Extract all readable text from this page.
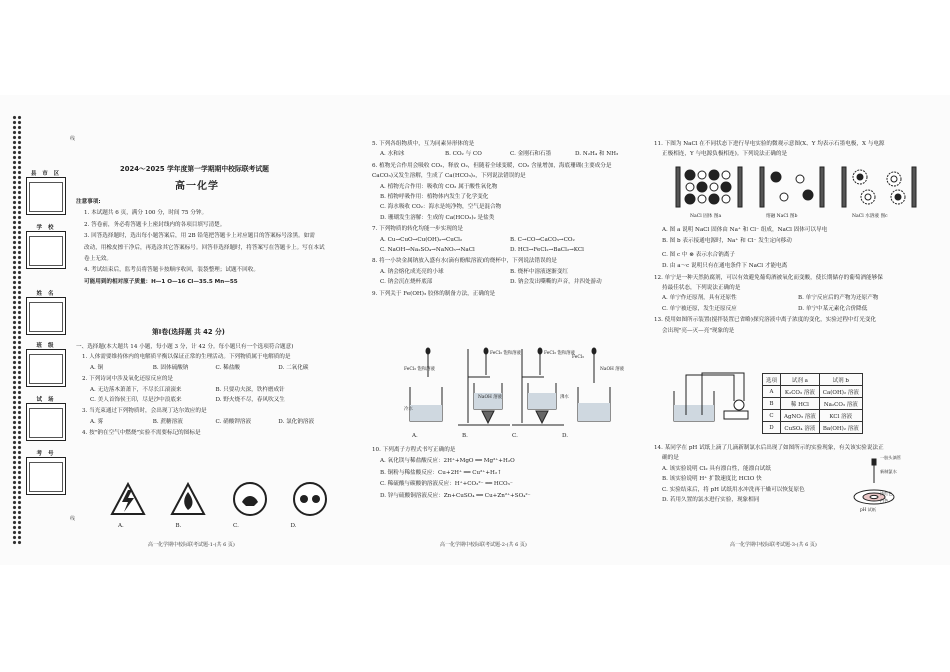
县 市 区
学 校
姓 名
班 级
试 场
考 号
线
线
2024～2025 学年度第一学期期中校际联考试题
高一化学
注意事项:
1. 本试题共 6 页，满分 100 分，时间 75 分钟。
2. 答卷前，务必将答题卡上密封线内的各项目填写清楚。
3. 回答选择题时，选出每小题答案后，用 2B 铅笔把答题卡上对应题目的答案标号涂黑。如需
改动，用橡皮擦干净后，再选涂其它答案标号。回答非选择题时，将答案写在答题卡上。写在本试
卷上无效。
4. 考试结束后，监考员将答题卡按顺序收回，装袋整理；试题不回收。
可能用到的相对原子质量：H—1 O—16 Cl—35.5 Mn—55
第Ⅰ卷(选择题 共 42 分)
一、选择题(本大题共 14 小题，每小题 3 分，计 42 分。每小题只有一个选项符合题意)
1. 人体需要维持体内的电解质平衡以保证正常的生理活动。下列物质属于电解质的是
A. 铜	B. 固体硫酸钠	C. 稀盐酸	D. 二氧化碳
2. 下列诗词中涉及氧化还原反应的是
A. 无边落木萧萧下，不尽长江滚滚来	B. 只要功夫深，铁杵磨成针
C. 美人首饰侯王印，尽是沙中浪底来	D. 野火烧不尽，春风吹又生
3. 当光束通过下列物质时，会出现丁达尔效应的是
A. 雾	B. 蔗糖溶液	C. 硝酸钾溶液	D. 氯化钠溶液
4. 按"钠在空气中燃烧"实验不需要标记的图标是
A.	B.	C.	D.
高一化学期中校际联考试题-1-(共 6 页)
5. 下列各组物质中，互为同素异形体的是
A. 水和冰	B. CO₂ 与 CO	C. 金刚石和石墨	D. N₂H₄ 和 NH₃
6. 植物光合作用会吸收 CO₂，释放 O₂，但随着全球变暖，CO₂ 含量增加，海底珊瑚(主要成分是
CaCO₃)又发生溶解，生成了 Ca(HCO₃)₂，下列说法错误的是
A. 植物光合作用：吸收的 CO₂ 属于酸性氧化物
B. 植物呼吸作用：植物体内发生了化学变化
C. 海水吸收 CO₂：海水是纯净物，空气是混合物
D. 珊瑚发生溶解：生成的 Ca(HCO₃)₂ 是盐类
7. 下列物质的转化均能一步实现的是
A. Cu→CuO→Cu(OH)₂→CuCl₂	B. C→CO→CaCO₃→CO₂
C. NaOH→Na₂SO₄→NaNO₃→NaCl	D. HCl→FeCl₂→BaCl₂→KCl
8. 将一小块金属钠放入盛有水(滴有酚酞溶液)的烧杯中，下列说法错误的是
A. 钠会熔化成光亮的小球	B. 烧杯中溶液逐渐变红
C. 钠会沉在烧杯底部	D. 钠会发出嘶嘶的声音，并四处游动
9. 下列关于 Fe(OH)₃ 胶体的制备方法，正确的是
FeCl₃ 饱和溶液
FeCl₃ 饱和溶液
NaOH 溶液
FeCl₃ 饱和溶液
沸水
FeCl₃
NaOH 溶液
冷水
A.	B.	C.	D.
10. 下列离子方程式书写正确的是
A. 氧化镁与稀盐酸反应：2H⁺+MgO ══ Mg²⁺+H₂O
B. 铜粉与稀盐酸反应：Cu+2H⁺ ══ Cu²⁺+H₂↑
C. 稀硫酸与碳酸钠溶液反应：H⁺+CO₃²⁻ ══ HCO₃⁻
D. 锌与硫酸铜溶液反应：Zn+CuSO₄ ══ Cu+Zn²⁺+SO₄²⁻
高一化学期中校际联考试题-2-(共 6 页)
11. 下图为 NaCl 在不同状态下进行导电实验的微观示意图(X、Y 均表示石墨电极，X 与电源
正极相连，Y 与电源负极相连)。下列说法正确的是
NaCl 固体 图a	熔融 NaCl 图b	NaCl 水溶液 图c
A. 图 a 说明 NaCl 固体由 Na⁺ 和 Cl⁻ 组成，NaCl 固体可以导电
B. 图 b 表示接通电源时，Na⁺ 和 Cl⁻ 发生定向移动
C. 图 c 中 ⊛ 表示水合钠离子
D. 由 a～c 说明只有在通电条件下 NaCl 才能电离
12. 单宁是一种天然防腐剂，可以有效避免葡萄酒被氧化而变酸，使长期储存的葡萄酒能够保
持最佳状态，下列说法正确的是
A. 单宁作还原剂，具有还原性	B. 单宁反应后的产物为还原产物
C. 单宁被还原，发生还原反应	D. 单宁中某元素化合价降低
13. 使用如图所示装置(搅拌装置已省略)探究溶液中离子浓度的变化，实验过程中灯光变化
会出现"亮—灭—亮"现象的是
选项	试剂 a	试剂 b
A	K₂CO₃ 溶液	Ca(OH)₂ 溶液
B	稀 HCl	Na₂CO₃ 溶液
C	AgNO₃ 溶液	KCl 溶液
D	CuSO₄ 溶液	Ba(OH)₂ 溶液
14. 某同学在 pH 试纸上滴了几滴新制氯水后出现了如图所示的实验现象，有关该实验说法正
确的是
A. 该实验说明 Cl₂ 具有漂白性，能漂白试纸
B. 该实验说明 H⁺ 扩散速度比 HClO 快
C. 实验结束后，将 pH 试纸用水冲洗再干燥可以恢复原色
D. 若用久置的氯水进行实验，现象相同
一胶头滴管
新制氯水
浅红色
白色
pH 试纸
高一化学期中校际联考试题-3-(共 6 页)
